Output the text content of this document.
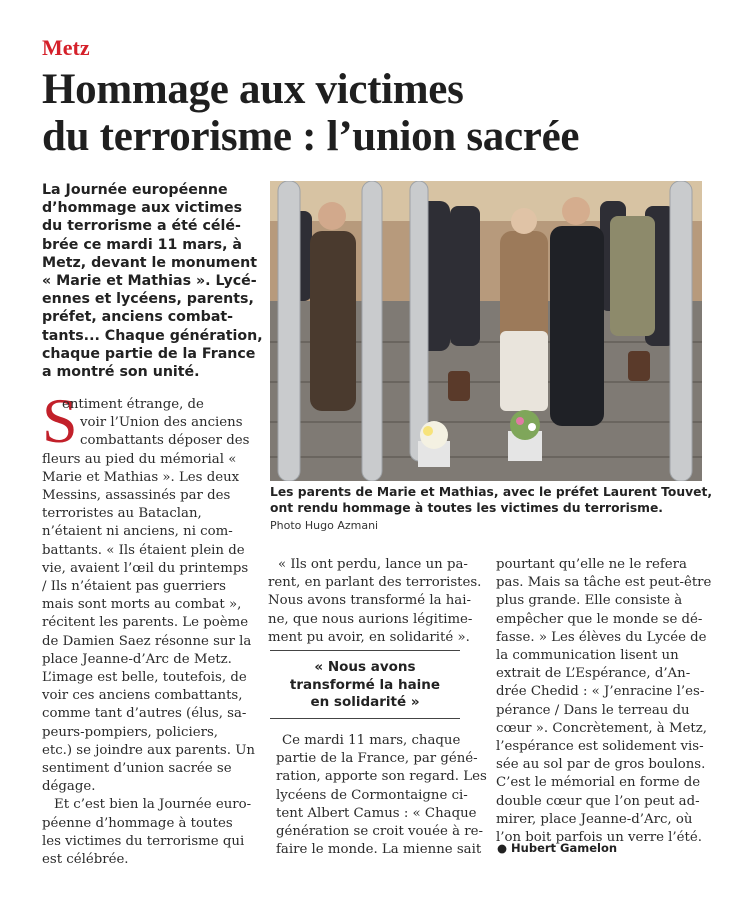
Metz
Hommage aux victimes
du terrorisme : l’union sacrée
La Journée européenne
d’hommage aux victimes
du terrorisme a été célé-
brée ce mardi 11 mars, à
Metz, devant le monument
« Marie et Mathias ». Lycé-
ennes et lycéens, parents,
préfet, anciens combat-
tants... Chaque génération,
chaque partie de la France
a montré son unité.
Les parents de Marie et Mathias, avec le préfet Laurent Touvet,
ont rendu hommage à toutes les victimes du terrorisme.
Photo Hugo Azmani
S
entiment étrange, de
voir l’Union des anciens
combattants déposer des
fleurs au pied du mémorial «
Marie et Mathias ». Les deux
Messins, assassinés par des
terroristes au Bataclan,
n’étaient ni anciens, ni com-
battants. « Ils étaient plein de
vie, avaient l’œil du printemps
/ Ils n’étaient pas guerriers
mais sont morts au combat »,
récitent les parents. Le poème
de Damien Saez résonne sur la
place Jeanne-d’Arc de Metz.
L’image est belle, toutefois, de
voir ces anciens combattants,
comme tant d’autres (élus, sa-
peurs-pompiers, policiers,
etc.) se joindre aux parents. Un
sentiment d’union sacrée se
dégage.
Et c’est bien la Journée euro-
péenne d’hommage à toutes
les victimes du terrorisme qui
est célébrée.
« Ils ont perdu, lance un pa-
rent, en parlant des terroristes.
Nous avons transformé la hai-
ne, que nous aurions légitime-
ment pu avoir, en solidarité ».
« Nous avons
transformé la haine
en solidarité »
Ce mardi 11 mars, chaque
partie de la France, par géné-
ration, apporte son regard. Les
lycéens de Cormontaigne ci-
tent Albert Camus : « Chaque
génération se croit vouée à re-
faire le monde. La mienne sait
pourtant qu’elle ne le refera
pas. Mais sa tâche est peut-être
plus grande. Elle consiste à
empêcher que le monde se dé-
fasse. » Les élèves du Lycée de
la communication lisent un
extrait de L’Espérance, d’An-
drée Chedid : « J’enracine l’es-
pérance / Dans le terreau du
cœur ». Concrètement, à Metz,
l’espérance est solidement vis-
sée au sol par de gros boulons.
C’est le mémorial en forme de
double cœur que l’on peut ad-
mirer, place Jeanne-d’Arc, où
l’on boit parfois un verre l’été.
● Hubert Gamelon
